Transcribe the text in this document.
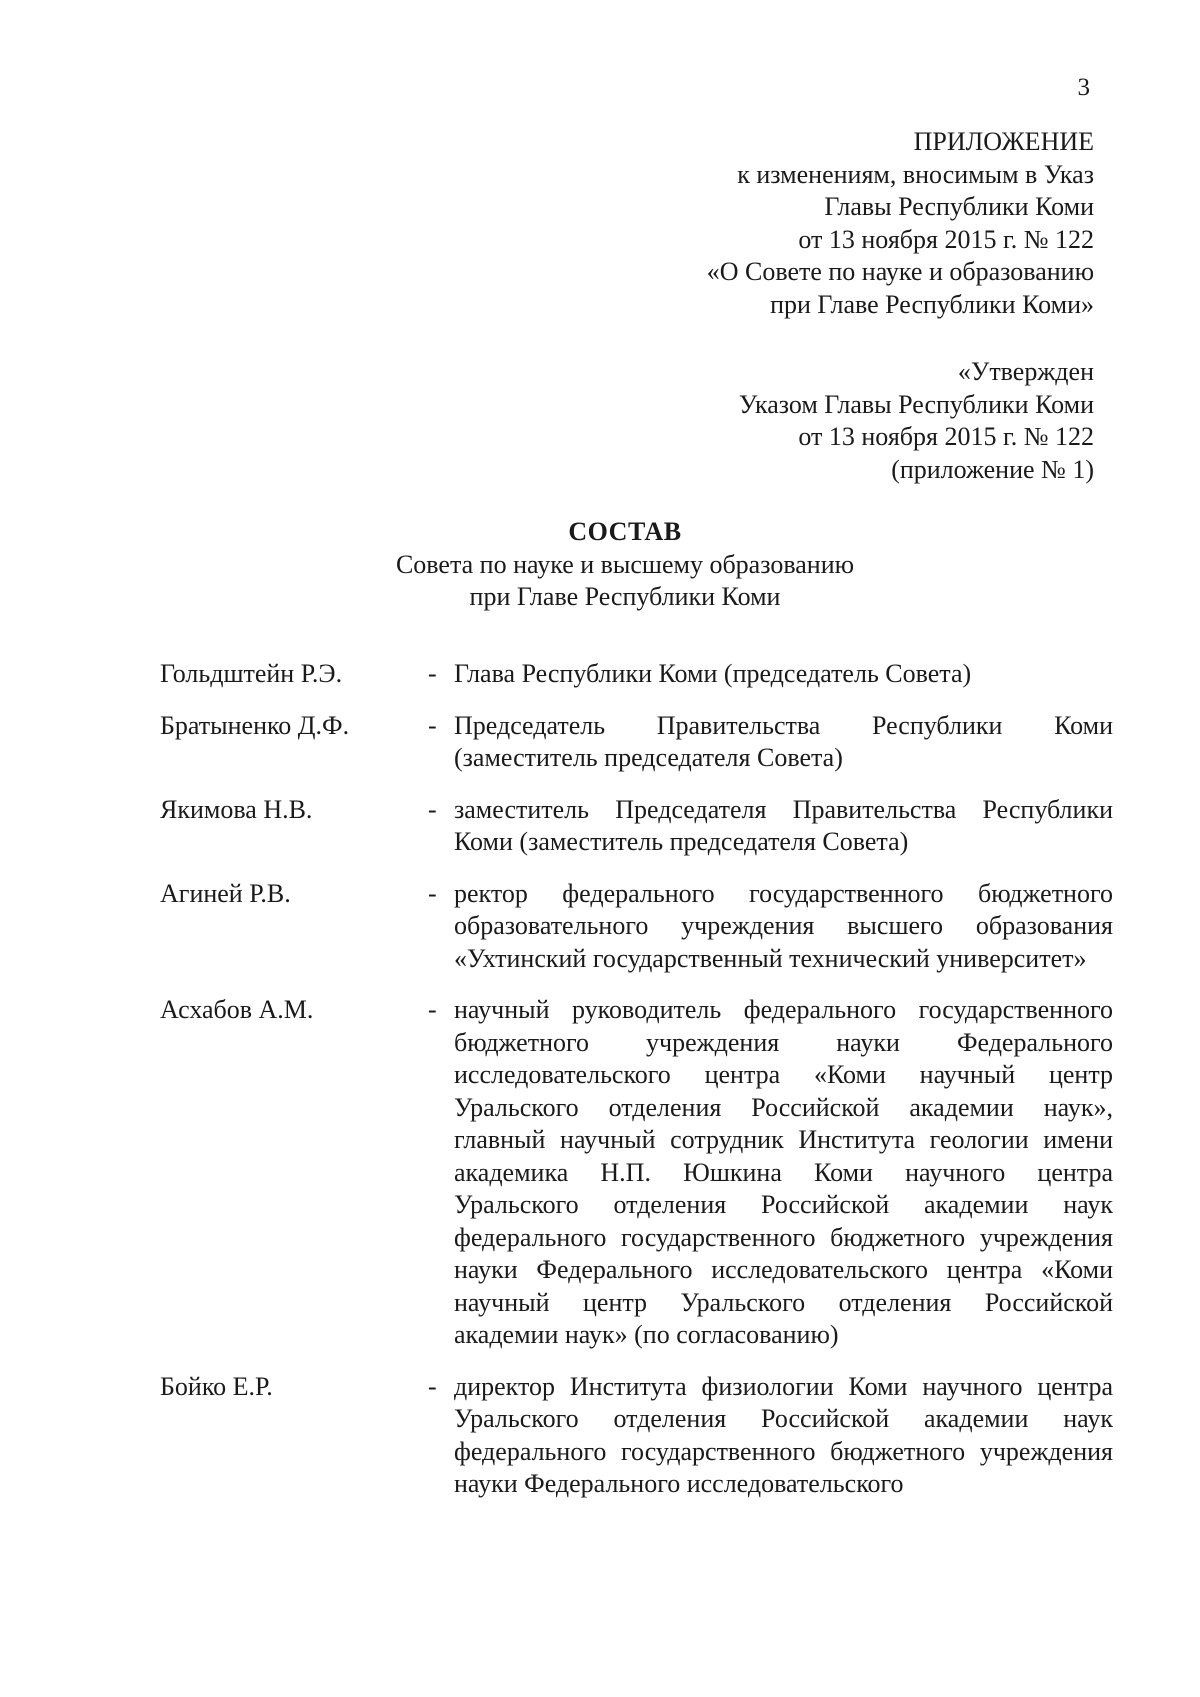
3
ПРИЛОЖЕНИЕ
к изменениям, вносимым в Указ
Главы Республики Коми
от 13 ноября 2015 г. № 122
«О Совете по науке и образованию
при Главе Республики Коми»
«Утвержден
Указом Главы Республики Коми
от 13 ноября 2015 г. № 122
(приложение № 1)
СОСТАВ
Совета по науке и высшему образованию
при Главе Республики Коми
Гольдштейн Р.Э.	- Глава Республики Коми (председатель Совета)
Братыненко Д.Ф.	- Председатель Правительства Республики Коми (заместитель председателя Совета)
Якимова Н.В.	- заместитель Председателя Правительства Республики Коми (заместитель председателя Совета)
Агиней Р.В.	- ректор федерального государственного бюджетного образовательного учреждения высшего образования «Ухтинский государственный технический университет»
Асхабов А.М.	- научный руководитель федерального государственного бюджетного учреждения науки Федерального исследовательского центра «Коми научный центр Уральского отделения Российской академии наук», главный научный сотрудник Института геологии имени академика Н.П. Юшкина Коми научного центра Уральского отделения Российской академии наук федерального государственного бюджетного учреждения науки Федерального исследовательского центра «Коми научный центр Уральского отделения Российской академии наук» (по согласованию)
Бойко Е.Р.	- директор Института физиологии Коми научного центра Уральского отделения Российской академии наук федерального государственного бюджетного учреждения науки Федерального исследовательского
